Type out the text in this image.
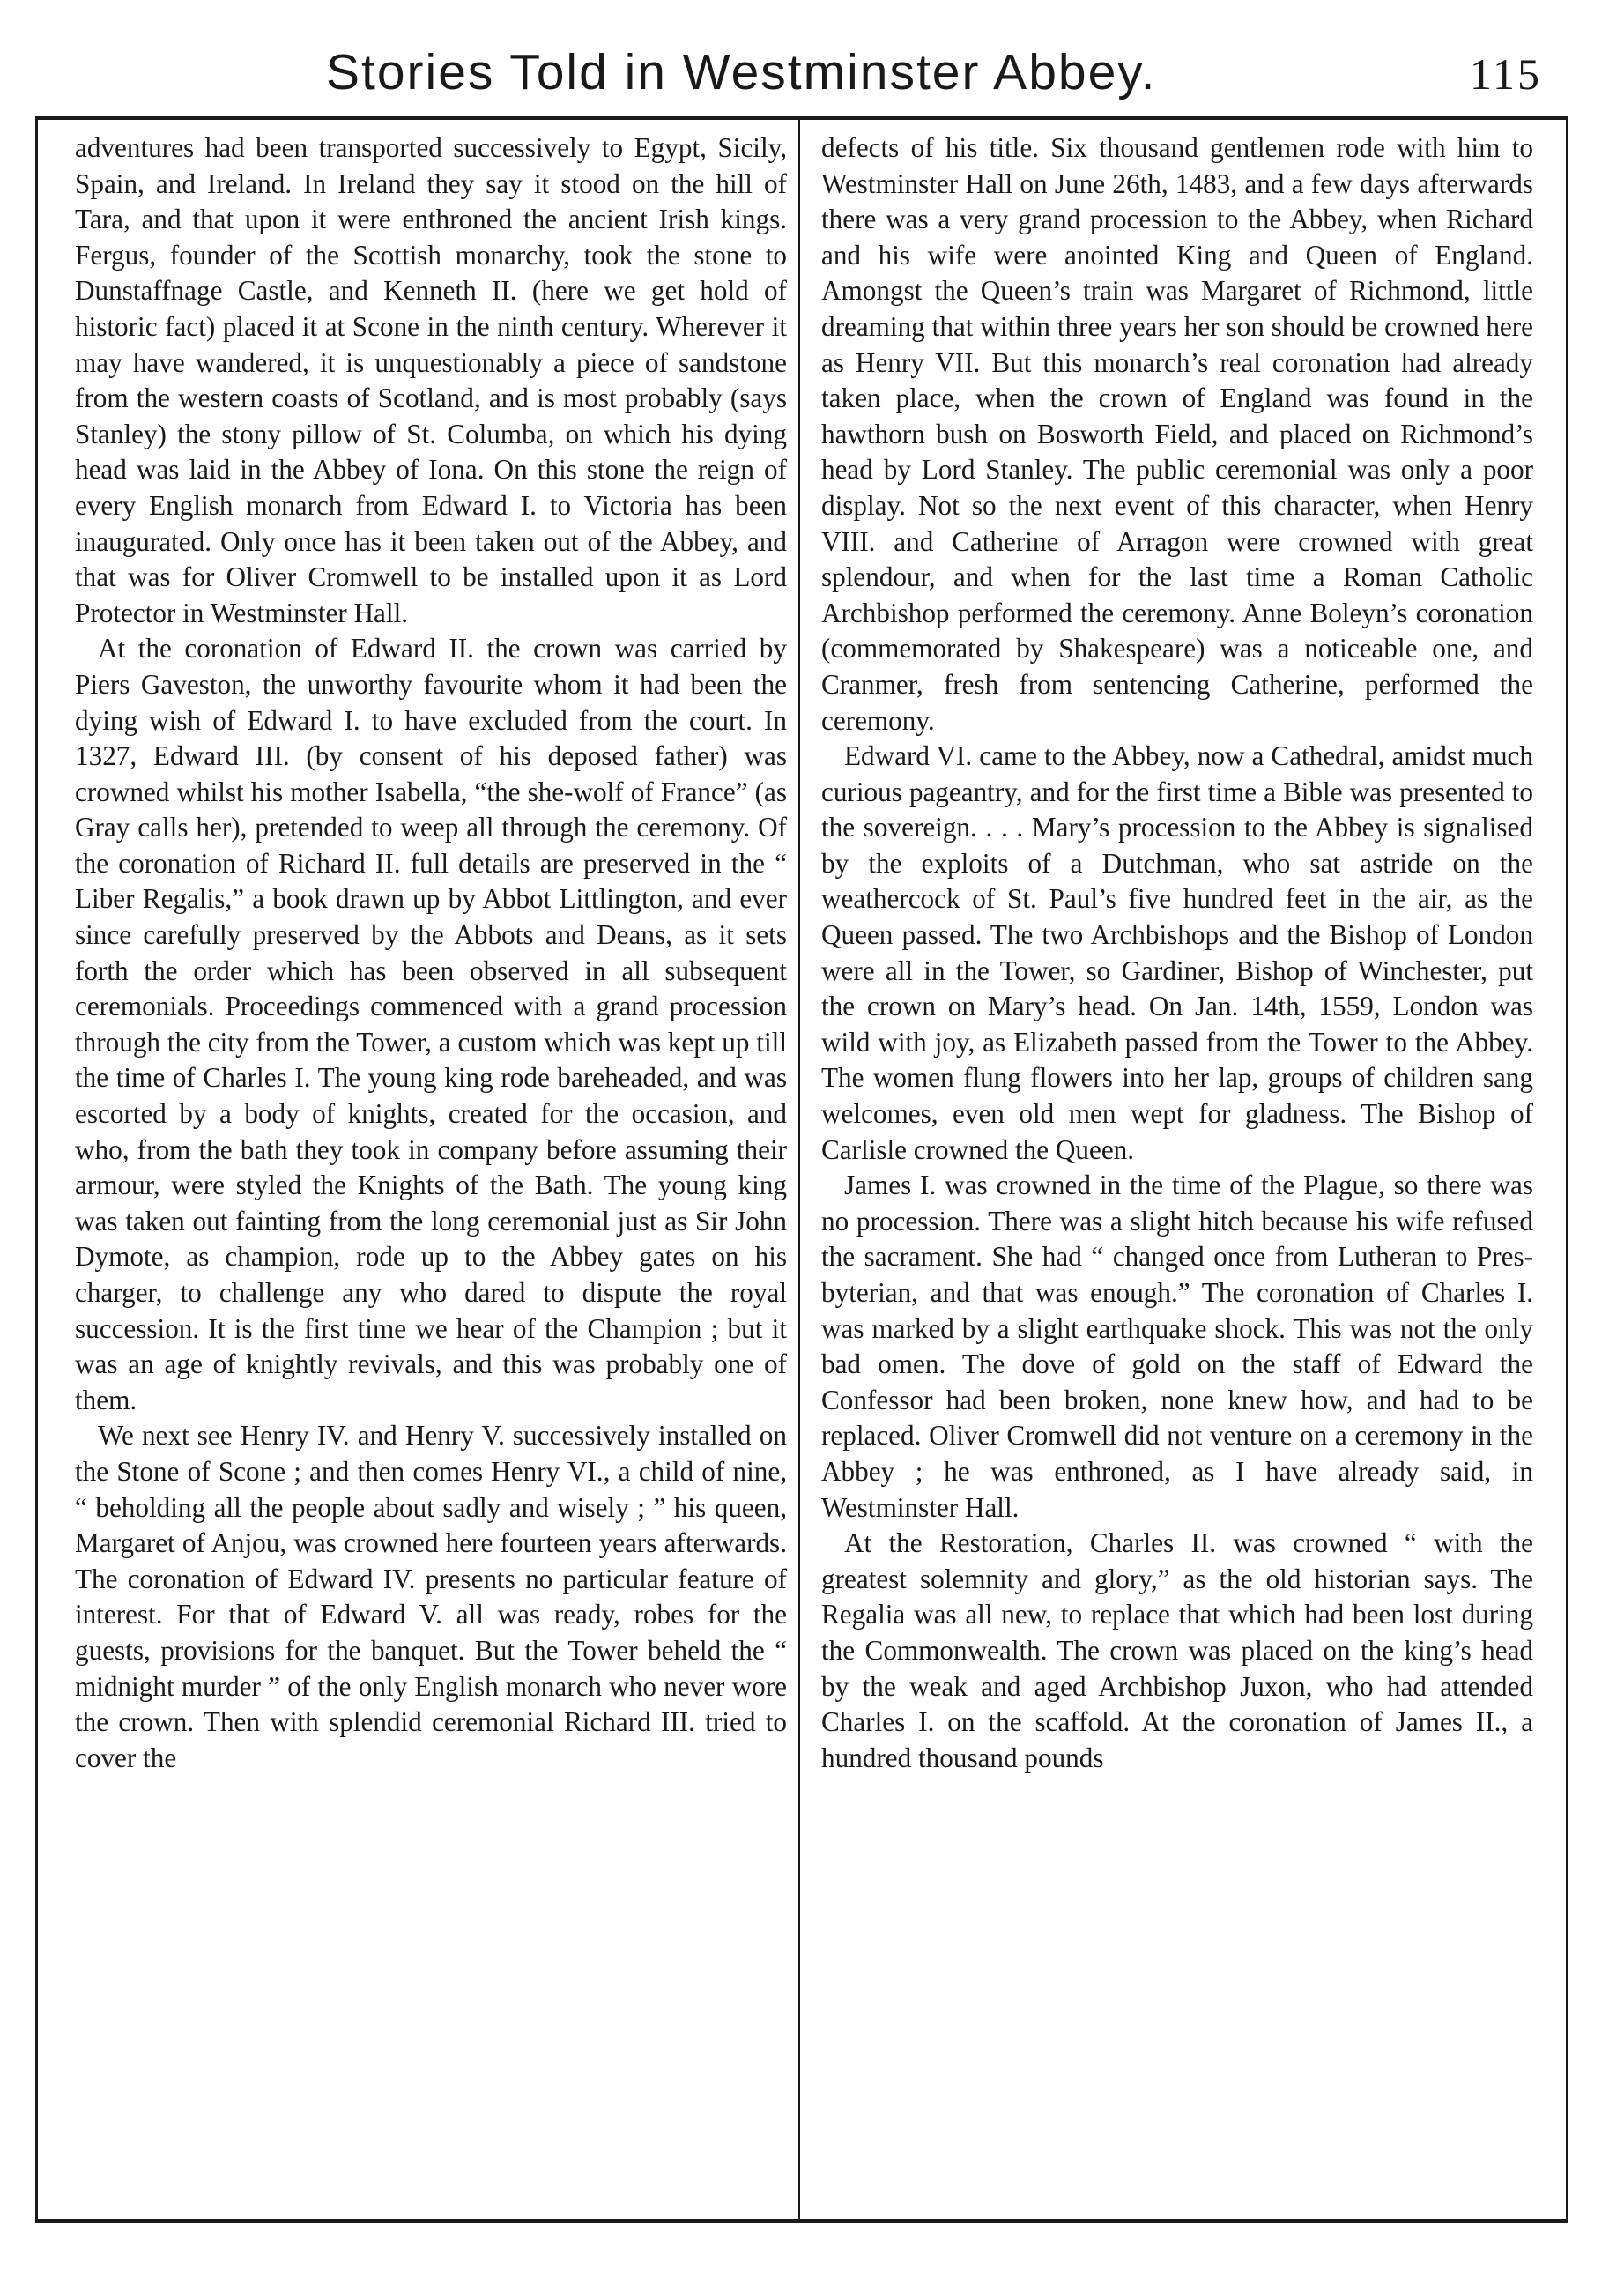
Stories Told in Westminster Abbey.	115

adventures had been transported successively to Egypt, Sicily, Spain, and Ireland. In Ireland they say it stood on the hill of Tara, and that upon it were enthroned the ancient Irish kings. Fergus, founder of the Scottish monarchy, took the stone to Dunstaffnage Castle, and Kenneth II. (here we get hold of historic fact) placed it at Scone in the ninth century. Wherever it may have wandered, it is unquestionably a piece of sandstone from the western coasts of Scotland, and is most probably (says Stanley) the stony pillow of St. Columba, on which his dying head was laid in the Abbey of Iona. On this stone the reign of every English monarch from Edward I. to Victoria has been inaugurated. Only once has it been taken out of the Abbey, and that was for Oliver Cromwell to be installed upon it as Lord Protector in Westminster Hall.

At the coronation of Edward II. the crown was carried by Piers Gaveston, the unworthy favourite whom it had been the dying wish of Edward I. to have excluded from the court. In 1327, Edward III. (by consent of his deposed father) was crowned whilst his mother Isabella, “the she-wolf of France” (as Gray calls her), pretended to weep all through the ceremony. Of the coronation of Richard II. full details are preserved in the “ Liber Regalis,” a book drawn up by Abbot Littlington, and ever since carefully preserved by the Abbots and Deans, as it sets forth the order which has been observed in all subsequent ceremonials. Proceedings commenced with a grand procession through the city from the Tower, a custom which was kept up till the time of Charles I. The young king rode bareheaded, and was escorted by a body of knights, created for the occasion, and who, from the bath they took in company before assuming their armour, were styled the Knights of the Bath. The young king was taken out fainting from the long ceremonial just as Sir John Dymote, as champion, rode up to the Abbey gates on his charger, to challenge any who dared to dispute the royal succession. It is the first time we hear of the Champion ; but it was an age of knightly revivals, and this was probably one of them.

We next see Henry IV. and Henry V. successively installed on the Stone of Scone ; and then comes Henry VI., a child of nine, “ beholding all the people about sadly and wisely ; ” his queen, Margaret of Anjou, was crowned here fourteen years afterwards. The coronation of Edward IV. presents no particular feature of interest. For that of Edward V. all was ready, robes for the guests, provisions for the banquet. But the Tower beheld the “ midnight murder ” of the only English monarch who never wore the crown. Then with splendid ceremonial Richard III. tried to cover the

defects of his title. Six thousand gentlemen rode with him to Westminster Hall on June 26th, 1483, and a few days afterwards there was a very grand procession to the Abbey, when Richard and his wife were anointed King and Queen of England. Amongst the Queen’s train was Margaret of Richmond, little dreaming that within three years her son should be crowned here as Henry VII. But this monarch’s real coronation had already taken place, when the crown of England was found in the hawthorn bush on Bosworth Field, and placed on Richmond’s head by Lord Stanley. The public ceremonial was only a poor display. Not so the next event of this character, when Henry VIII. and Catherine of Arragon were crowned with great splendour, and when for the last time a Roman Catholic Archbishop performed the ceremony. Anne Boleyn’s coronation (commemorated by Shakespeare) was a noticeable one, and Cranmer, fresh from sentencing Catherine, performed the ceremony.

Edward VI. came to the Abbey, now a Cathedral, amidst much curious pageantry, and for the first time a Bible was presented to the sovereign. . . . Mary’s procession to the Abbey is signalised by the exploits of a Dutchman, who sat astride on the weathercock of St. Paul’s five hundred feet in the air, as the Queen passed. The two Archbishops and the Bishop of London were all in the Tower, so Gardiner, Bishop of Winchester, put the crown on Mary’s head. On Jan. 14th, 1559, London was wild with joy, as Elizabeth passed from the Tower to the Abbey. The women flung flowers into her lap, groups of children sang welcomes, even old men wept for gladness. The Bishop of Carlisle crowned the Queen.

James I. was crowned in the time of the Plague, so there was no procession. There was a slight hitch because his wife refused the sacrament. She had “ changed once from Lutheran to Presbyterian, and that was enough.” The coronation of Charles I. was marked by a slight earthquake shock. This was not the only bad omen. The dove of gold on the staff of Edward the Confessor had been broken, none knew how, and had to be replaced. Oliver Cromwell did not venture on a ceremony in the Abbey ; he was enthroned, as I have already said, in Westminster Hall.

At the Restoration, Charles II. was crowned “ with the greatest solemnity and glory,” as the old historian says. The Regalia was all new, to replace that which had been lost during the Commonwealth. The crown was placed on the king’s head by the weak and aged Archbishop Juxon, who had attended Charles I. on the scaffold. At the coronation of James II., a hundred thousand pounds
